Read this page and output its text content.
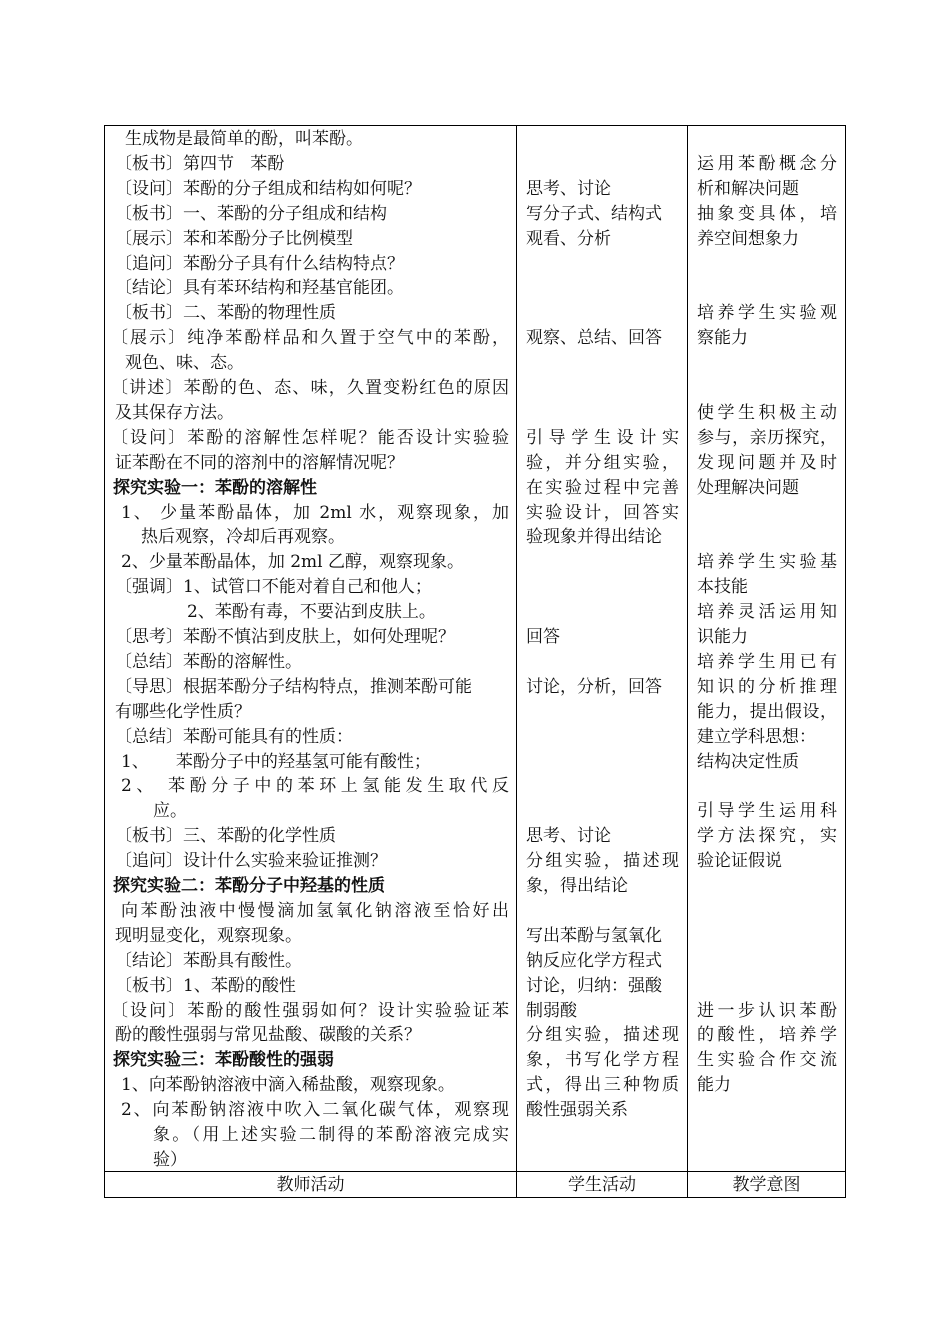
生成物是最简单的酚，叫苯酚。
〔板书〕第四节   苯酚
〔设问〕苯酚的分子组成和结构如何呢？
〔板书〕一、苯酚的分子组成和结构
〔展示〕苯和苯酚分子比例模型
〔追问〕苯酚分子具有什么结构特点？
〔结论〕具有苯环结构和羟基官能团。
〔板书〕二、苯酚的物理性质
〔展示〕纯净苯酚样品和久置于空气中的苯酚，
观色、味、态。
〔讲述〕苯酚的色、态、味，久置变粉红色的原因
及其保存方法。
〔设问〕苯酚的溶解性怎样呢？能否设计实验验
证苯酚在不同的溶剂中的溶解情况呢？
探究实验一：苯酚的溶解性
1、 少量苯酚晶体，加 2ml 水，观察现象，加
热后观察，冷却后再观察。
2、少量苯酚晶体，加 2ml 乙醇，观察现象。
〔强调〕1、试管口不能对着自己和他人；
2、苯酚有毒，不要沾到皮肤上。
〔思考〕苯酚不慎沾到皮肤上，如何处理呢？
〔总结〕苯酚的溶解性。
〔导思〕根据苯酚分子结构特点，推测苯酚可能
有哪些化学性质？
〔总结〕苯酚可能具有的性质：
1、     苯酚分子中的羟基氢可能有酸性；
2、 苯酚分子中的苯环上氢能发生取代反
应。
〔板书〕三、苯酚的化学性质
〔追问〕设计什么实验来验证推测？
探究实验二：苯酚分子中羟基的性质
向苯酚浊液中慢慢滴加氢氧化钠溶液至恰好出
现明显变化，观察现象。
〔结论〕苯酚具有酸性。
〔板书〕1、苯酚的酸性
〔设问〕苯酚的酸性强弱如何？设计实验验证苯
酚的酸性强弱与常见盐酸、碳酸的关系？
探究实验三：苯酚酸性的强弱
1、向苯酚钠溶液中滴入稀盐酸，观察现象。
2、向苯酚钠溶液中吹入二氧化碳气体，观察现
象。（用上述实验二制得的苯酚溶液完成实
验）
思考、讨论
写分子式、结构式
观看、分析
观察、总结、回答
引导学生设计实
验，并分组实验，
在实验过程中完善
实验设计，回答实
验现象并得出结论
回答
讨论，分析，回答
思考、讨论
分组实验，描述现
象，得出结论
写出苯酚与氢氧化
钠反应化学方程式
讨论，归纳：强酸
制弱酸
分组实验，描述现
象，书写化学方程
式，得出三种物质
酸性强弱关系
运用苯酚概念分
析和解决问题
抽象变具体，培
养空间想象力
培养学生实验观
察能力
使学生积极主动
参与，亲历探究，
发现问题并及时
处理解决问题
培养学生实验基
本技能
培养灵活运用知
识能力
培养学生用已有
知识的分析推理
能力，提出假设，
建立学科思想：
结构决定性质
引导学生运用科
学方法探究，实
验论证假说
进一步认识苯酚
的酸性，培养学
生实验合作交流
能力
教师活动	学生活动	教学意图
